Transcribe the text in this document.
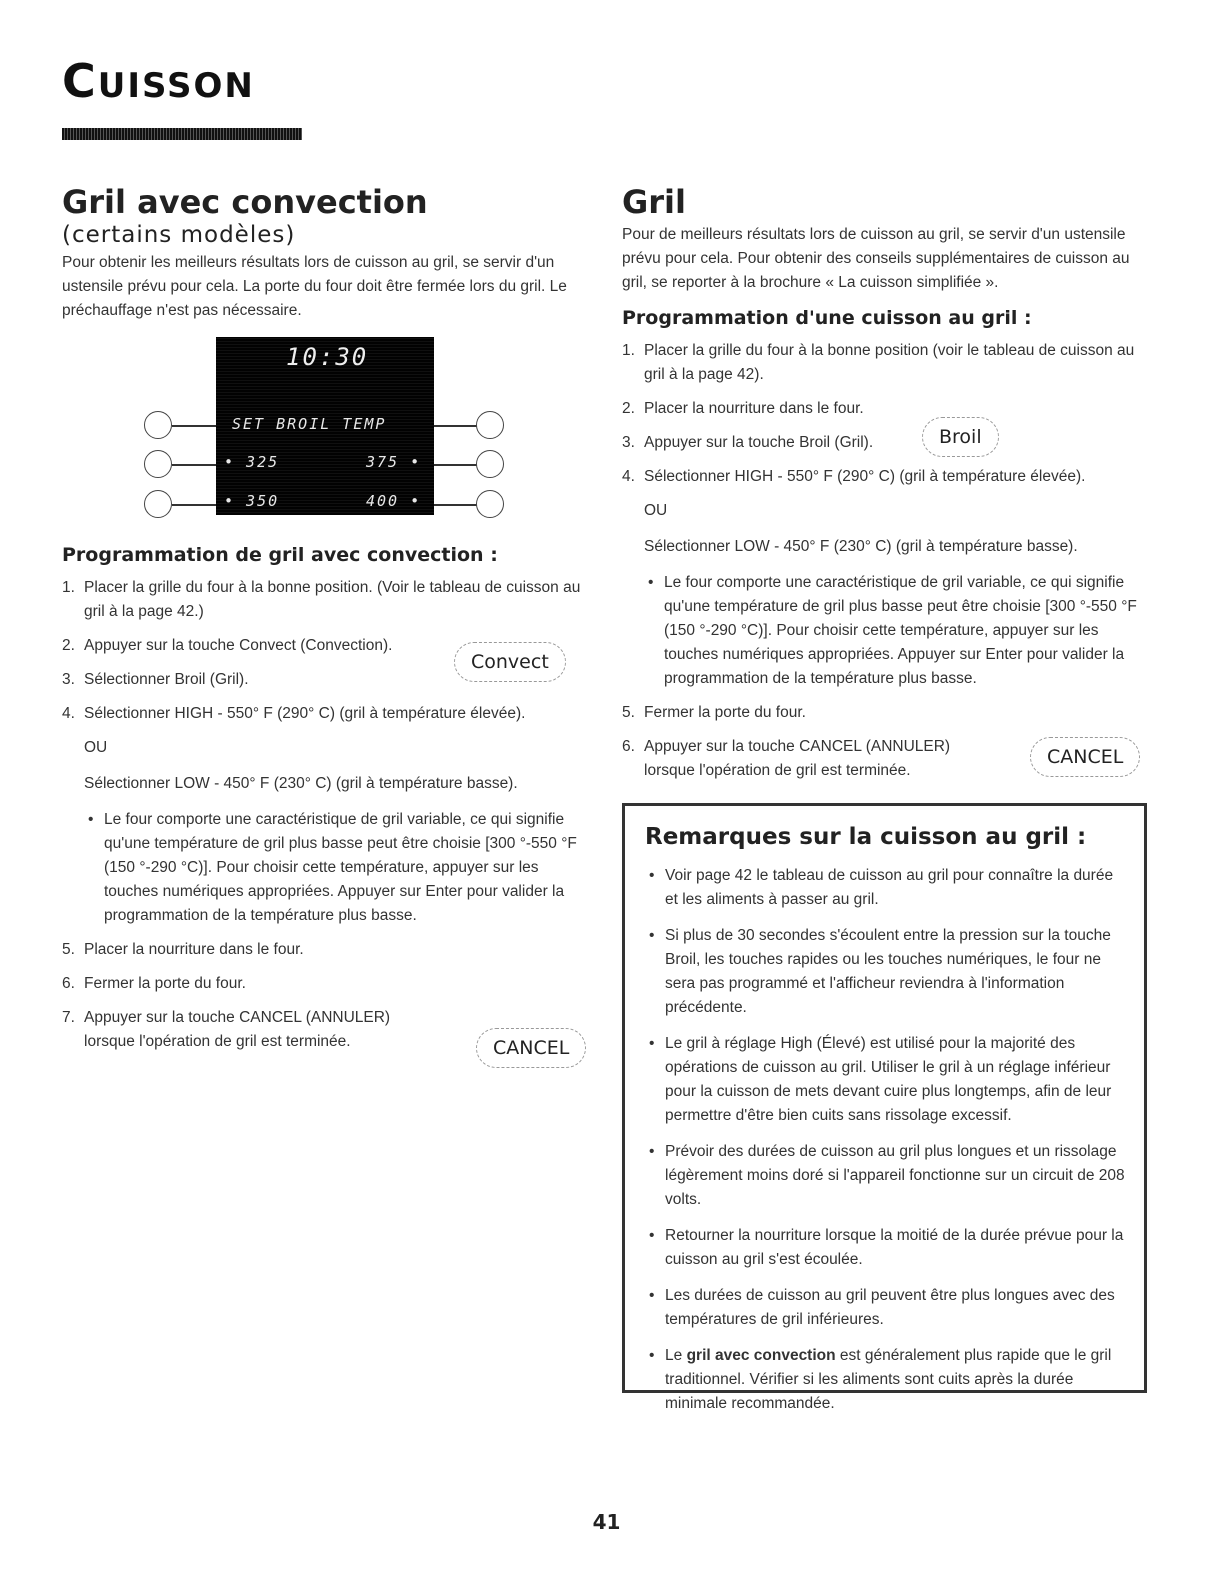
CUISSON
Gril avec convection
(certains modèles)

Pour obtenir les meilleurs résultats lors de cuisson au gril, se servir d'un ustensile prévu pour cela. La porte du four doit être fermée lors du gril. Le préchauffage n'est pas nécessaire.

10:30
SET BROIL TEMP
• 325	375 •
• 350	400 •
Programmation de gril avec convection :
1. Placer la grille du four à la bonne position. (Voir le tableau de cuisson au gril à la page 42.)
2. Appuyer sur la touche Convect (Convection).
3. Sélectionner Broil (Gril).
4. Sélectionner HIGH - 550° F (290° C) (gril à température élevée).
Convect
OU
Sélectionner LOW - 450° F (230° C) (gril à température basse).
• Le four comporte une caractéristique de gril variable, ce qui signifie qu'une température de gril plus basse peut être choisie [300 °-550 °F (150 °-290 °C)]. Pour choisir cette température, appuyer sur les touches numériques appropriées. Appuyer sur Enter pour valider la programmation de la température plus basse.
5. Placer la nourriture dans le four.
6. Fermer la porte du four.
7. Appuyer sur la touche CANCEL (ANNULER) lorsque l'opération de gril est terminée.	CANCEL
Gril

Pour de meilleurs résultats lors de cuisson au gril, se servir d'un ustensile prévu pour cela. Pour obtenir des conseils supplémentaires de cuisson au gril, se reporter à la brochure « La cuisson simplifiée ».

Programmation d'une cuisson au gril :
1. Placer la grille du four à la bonne position (voir le tableau de cuisson au gril à la page 42).
2. Placer la nourriture dans le four.
3. Appuyer sur la touche Broil (Gril).
4. Sélectionner HIGH - 550° F (290° C) (gril à température élevée).
Broil
OU
Sélectionner LOW - 450° F (230° C) (gril à température basse).
• Le four comporte une caractéristique de gril variable, ce qui signifie qu'une température de gril plus basse peut être choisie [300 °-550 °F (150 °-290 °C)]. Pour choisir cette température, appuyer sur les touches numériques appropriées. Appuyer sur Enter pour valider la programmation de la température plus basse.
5. Fermer la porte du four.
6. Appuyer sur la touche CANCEL (ANNULER) lorsque l'opération de gril est terminée.
CANCEL
Remarques sur la cuisson au gril :
• Voir page 42 le tableau de cuisson au gril pour connaître la durée et les aliments à passer au gril.
• Si plus de 30 secondes s'écoulent entre la pression sur la touche Broil, les touches rapides ou les touches numériques, le four ne sera pas programmé et l'afficheur reviendra à l'information précédente.
• Le gril à réglage High (Élevé) est utilisé pour la majorité des opérations de cuisson au gril. Utiliser le gril à un réglage inférieur pour la cuisson de mets devant cuire plus longtemps, afin de leur permettre d'être bien cuits sans rissolage excessif.
• Prévoir des durées de cuisson au gril plus longues et un rissolage légèrement moins doré si l'appareil fonctionne sur un circuit de 208 volts.
• Retourner la nourriture lorsque la moitié de la durée prévue pour la cuisson au gril s'est écoulée.
• Les durées de cuisson au gril peuvent être plus longues avec des températures de gril inférieures.
• Le gril avec convection est généralement plus rapide que le gril traditionnel. Vérifier si les aliments sont cuits après la durée minimale recommandée.
41
